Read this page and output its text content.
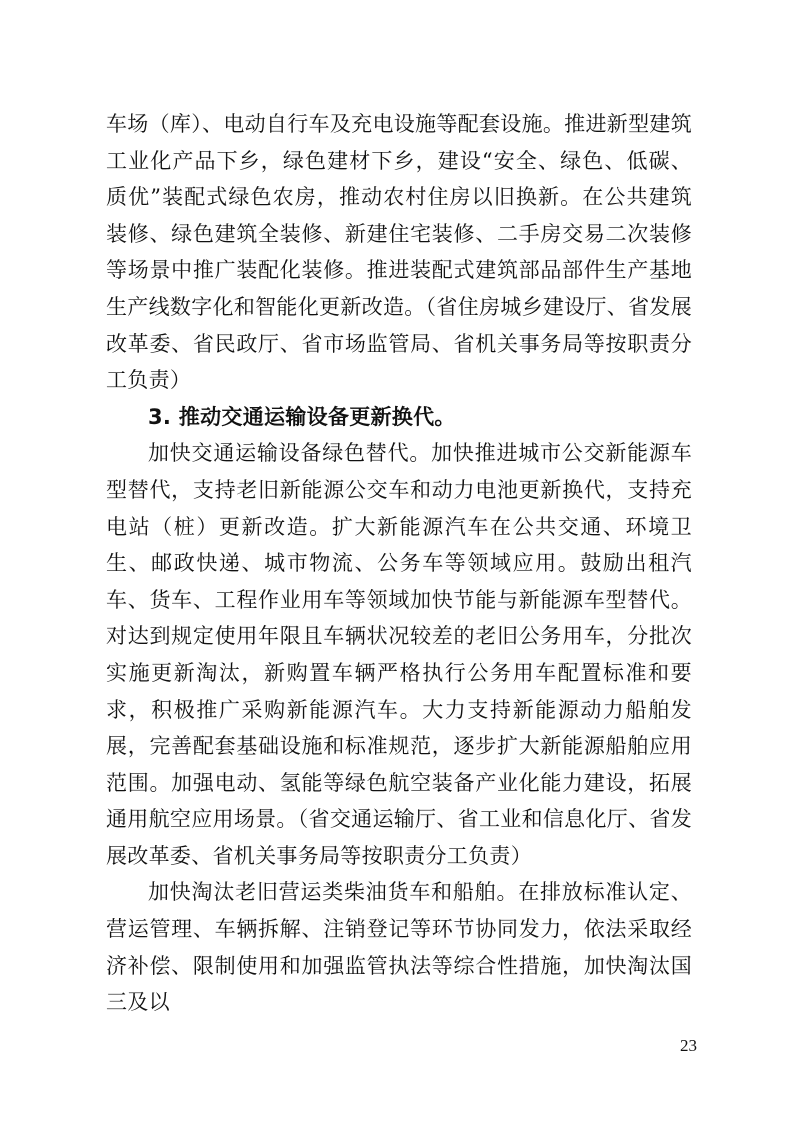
车场（库）、电动自行车及充电设施等配套设施。推进新型建筑工业化产品下乡，绿色建材下乡，建设“安全、绿色、低碳、质优”装配式绿色农房，推动农村住房以旧换新。在公共建筑装修、绿色建筑全装修、新建住宅装修、二手房交易二次装修等场景中推广装配化装修。推进装配式建筑部品部件生产基地生产线数字化和智能化更新改造。（省住房城乡建设厅、省发展改革委、省民政厅、省市场监管局、省机关事务局等按职责分工负责）

3. 推动交通运输设备更新换代。

加快交通运输设备绿色替代。加快推进城市公交新能源车型替代，支持老旧新能源公交车和动力电池更新换代，支持充电站（桩）更新改造。扩大新能源汽车在公共交通、环境卫生、邮政快递、城市物流、公务车等领域应用。鼓励出租汽车、货车、工程作业用车等领域加快节能与新能源车型替代。对达到规定使用年限且车辆状况较差的老旧公务用车，分批次实施更新淘汰，新购置车辆严格执行公务用车配置标准和要求，积极推广采购新能源汽车。大力支持新能源动力船舶发展，完善配套基础设施和标准规范，逐步扩大新能源船舶应用范围。加强电动、氢能等绿色航空装备产业化能力建设，拓展通用航空应用场景。（省交通运输厅、省工业和信息化厅、省发展改革委、省机关事务局等按职责分工负责）

加快淘汰老旧营运类柴油货车和船舶。在排放标准认定、营运管理、车辆拆解、注销登记等环节协同发力，依法采取经济补偿、限制使用和加强监管执法等综合性措施，加快淘汰国三及以

23
